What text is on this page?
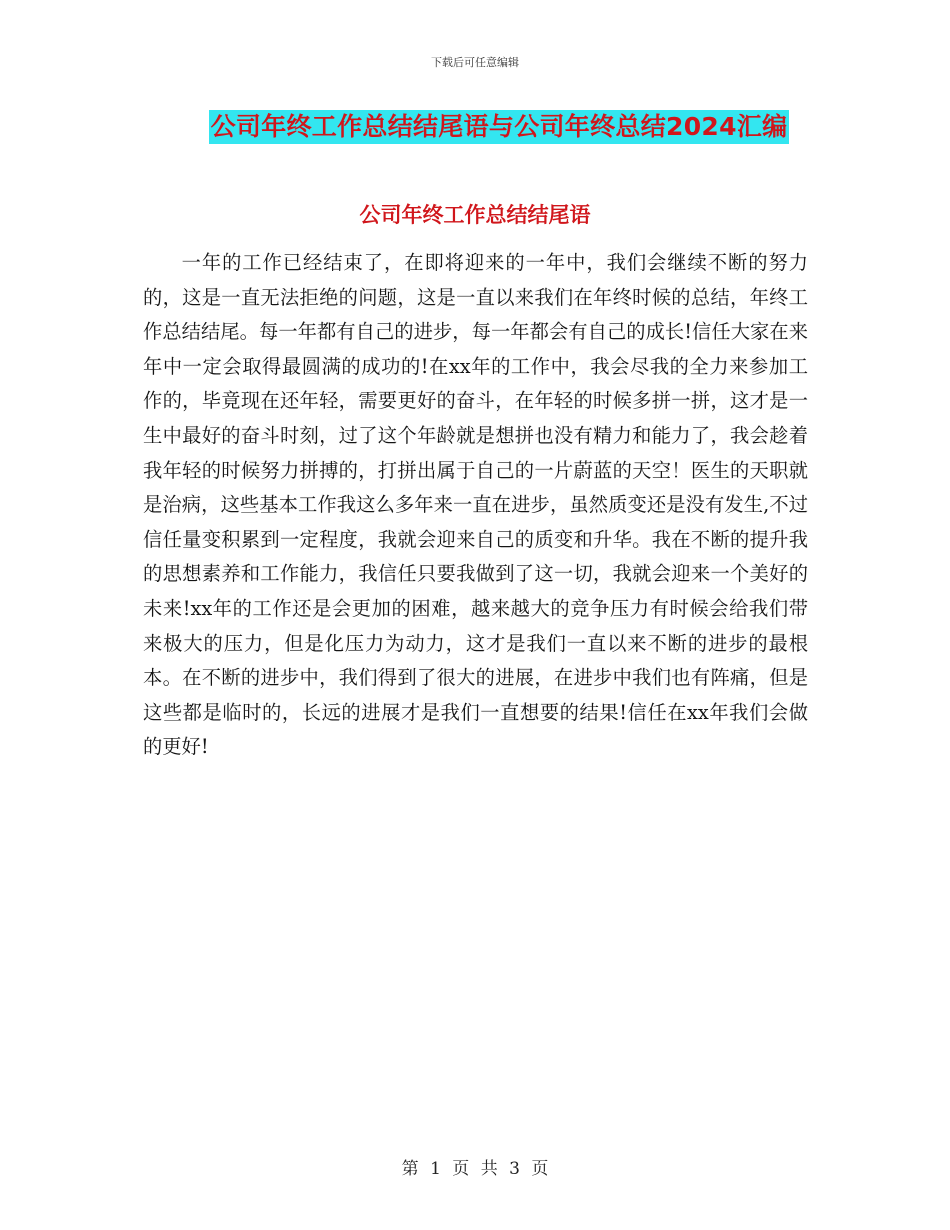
下载后可任意编辑
公司年终工作总结结尾语与公司年终总结2024汇编
公司年终工作总结结尾语

一年的工作已经结束了，在即将迎来的一年中，我们会继续不断的努力的，这是一直无法拒绝的问题，这是一直以来我们在年终时候的总结，年终工作总结结尾。每一年都有自己的进步，每一年都会有自己的成长!信任大家在来年中一定会取得最圆满的成功的!在xx年的工作中，我会尽我的全力来参加工作的，毕竟现在还年轻，需要更好的奋斗，在年轻的时候多拼一拼，这才是一生中最好的奋斗时刻，过了这个年龄就是想拼也没有精力和能力了，我会趁着我年轻的时候努力拼搏的，打拼出属于自己的一片蔚蓝的天空！医生的天职就是治病，这些基本工作我这么多年来一直在进步，虽然质变还是没有发生,不过信任量变积累到一定程度，我就会迎来自己的质变和升华。我在不断的提升我的思想素养和工作能力，我信任只要我做到了这一切，我就会迎来一个美好的未来!xx年的工作还是会更加的困难，越来越大的竞争压力有时候会给我们带来极大的压力，但是化压力为动力，这才是我们一直以来不断的进步的最根本。在不断的进步中，我们得到了很大的进展，在进步中我们也有阵痛，但是这些都是临时的，长远的进展才是我们一直想要的结果!信任在xx年我们会做的更好!

第 1 页 共 3 页
